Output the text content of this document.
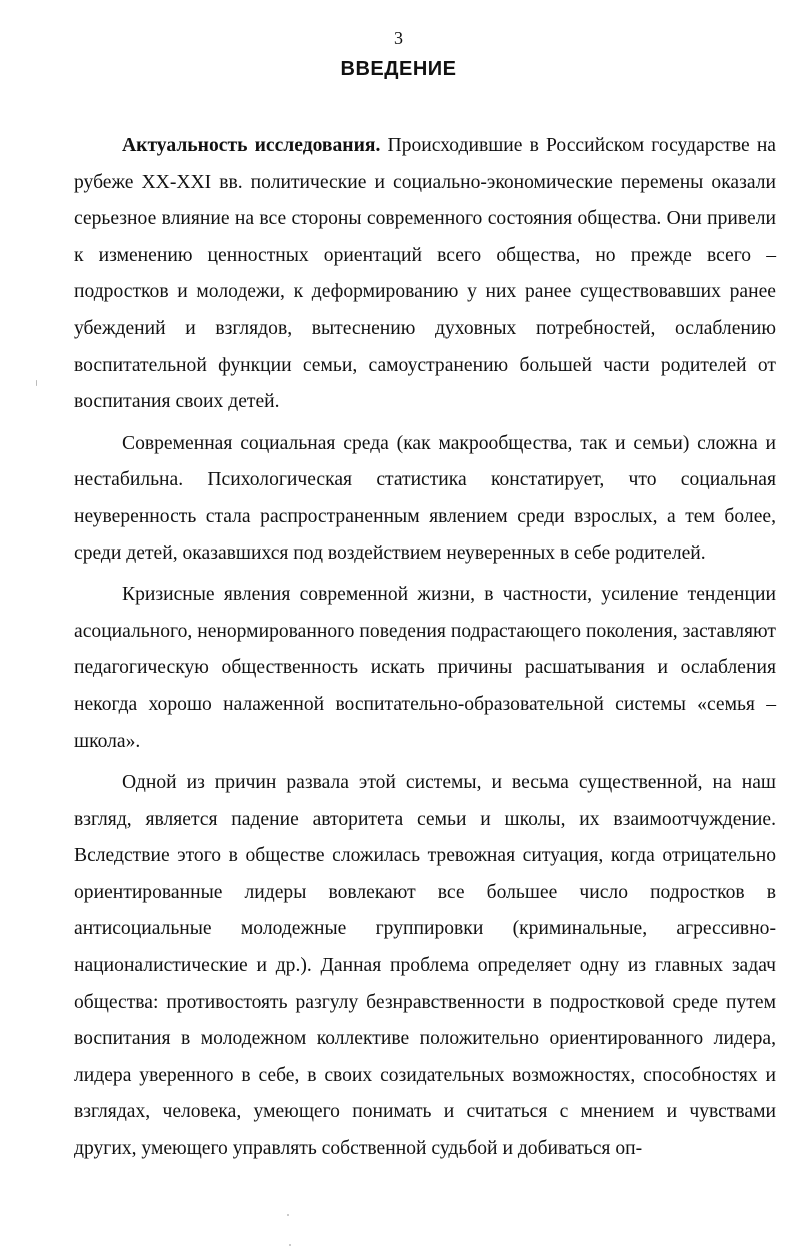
3
ВВЕДЕНИЕ

Актуальность исследования. Происходившие в Российском государстве на рубеже XX-XXI вв. политические и социально-экономические перемены оказали серьезное влияние на все стороны современного состояния общества. Они привели к изменению ценностных ориентаций всего общества, но прежде всего – подростков и молодежи, к деформированию у них ранее существовавших ранее убеждений и взглядов, вытеснению духовных потребностей, ослаблению воспитательной функции семьи, самоустранению большей части родителей от воспитания своих детей.

Современная социальная среда (как макрообщества, так и семьи) сложна и нестабильна. Психологическая статистика констатирует, что социальная неуверенность стала распространенным явлением среди взрослых, а тем более, среди детей, оказавшихся под воздействием неуверенных в себе родителей.

Кризисные явления современной жизни, в частности, усиление тенденции асоциального, ненормированного поведения подрастающего поколения, заставляют педагогическую общественность искать причины расшатывания и ослабления некогда хорошо налаженной воспитательно-образовательной системы «семья – школа».

Одной из причин развала этой системы, и весьма существенной, на наш взгляд, является падение авторитета семьи и школы, их взаимоотчуждение. Вследствие этого в обществе сложилась тревожная ситуация, когда отрицательно ориентированные лидеры вовлекают все большее число подростков в антисоциальные молодежные группировки (криминальные, агрессивно-националистические и др.). Данная проблема определяет одну из главных задач общества: противостоять разгулу безнравственности в подростковой среде путем воспитания в молодежном коллективе положительно ориентированного лидера, лидера уверенного в себе, в своих созидательных возможностях, способностях и взглядах, человека, умеющего понимать и считаться с мнением и чувствами других, умеющего управлять собственной судьбой и добиваться оп-
